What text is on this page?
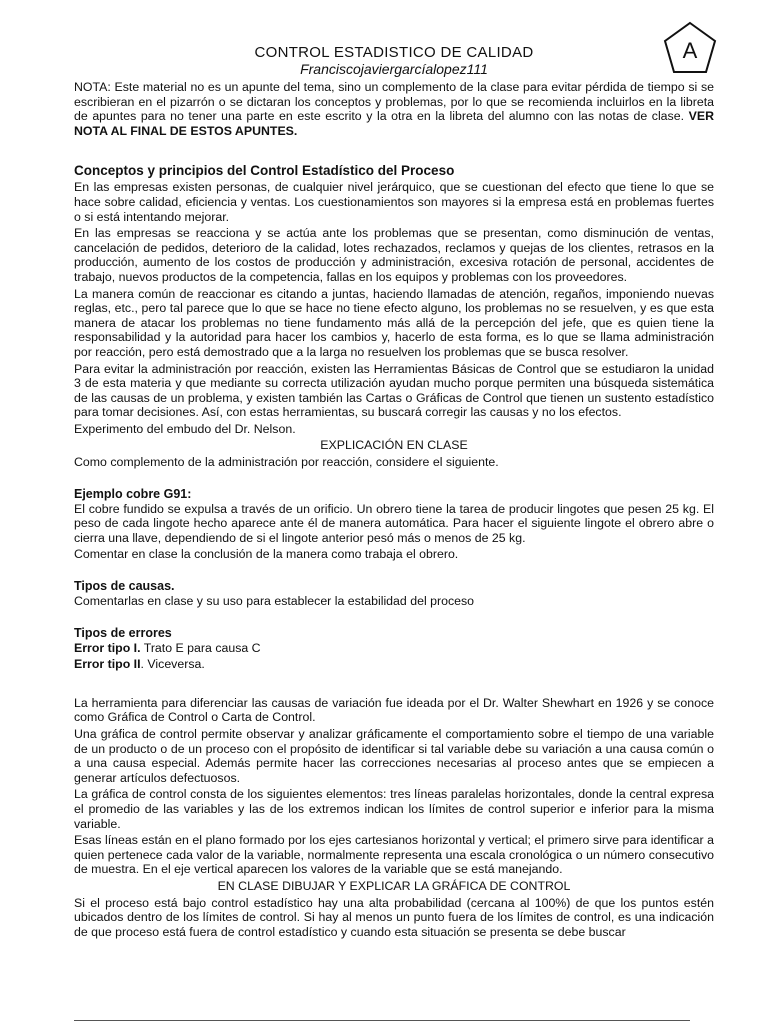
CONTROL ESTADISTICO DE CALIDAD
Franciscojavierga​rcíalopez111
A

NOTA: Este material no es un apunte del tema, sino un complemento de la clase para evitar pérdida de tiempo si se escribieran en el pizarrón o se dictaran los conceptos y problemas, por lo que se recomienda incluirlos en la libreta de apuntes para no tener una parte en este escrito y la otra en la libreta del alumno con las notas de clase. VER NOTA AL FINAL DE ESTOS APUNTES.

Conceptos y principios del Control Estadístico del Proceso

En las empresas existen personas, de cualquier nivel jerárquico, que se cuestionan del efecto que tiene lo que se hace sobre calidad, eficiencia y ventas. Los cuestionamientos son mayores si la empresa está en problemas fuertes o si está intentando mejorar.

En las empresas se reacciona y se actúa ante los problemas que se presentan, como disminución de ventas, cancelación de pedidos, deterioro de la calidad, lotes rechazados, reclamos y quejas de los clientes, retrasos en la producción, aumento de los costos de producción y administración, excesiva rotación de personal, accidentes de trabajo, nuevos productos de la competencia, fallas en los equipos y problemas con los proveedores.

La manera común de reaccionar es citando a juntas, haciendo llamadas de atención, regaños, imponiendo nuevas reglas, etc., pero tal parece que lo que se hace no tiene efecto alguno, los problemas no se resuelven, y es que esta manera de atacar los problemas no tiene fundamento más allá de la percepción del jefe, que es quien tiene la responsabilidad y la autoridad para hacer los cambios y, hacerlo de esta forma, es lo que se llama administración por reacción, pero está demostrado que a la larga no resuelven los problemas que se busca resolver.

Para evitar la administración por reacción, existen las Herramientas Básicas de Control que se estudiaron la unidad 3 de esta materia y que mediante su correcta utilización ayudan mucho porque permiten una búsqueda sistemática de las causas de un problema, y existen también las Cartas o Gráficas de Control que tienen un sustento estadístico para tomar decisiones. Así, con estas herramientas, su buscará corregir las causas y no los efectos.

Experimento del embudo del Dr. Nelson.

EXPLICACIÓN EN CLASE

Como complemento de la administración por reacción, considere el siguiente.

Ejemplo cobre G91:

El cobre fundido se expulsa a través de un orificio. Un obrero tiene la tarea de producir lingotes que pesen 25 kg. El peso de cada lingote hecho aparece ante él de manera automática. Para hacer el siguiente lingote el obrero abre o cierra una llave, dependiendo de si el lingote anterior pesó más o menos de 25 kg.

Comentar en clase la conclusión de la manera como trabaja el obrero.

Tipos de causas.

Comentarlas en clase y su uso para establecer la estabilidad del proceso

Tipos de errores

Error tipo I. Trato E para causa C

Error tipo II. Viceversa.

La herramienta para diferenciar las causas de variación fue ideada por el Dr. Walter Shewhart en 1926 y se conoce como Gráfica de Control o Carta de Control.

Una gráfica de control permite observar y analizar gráficamente el comportamiento sobre el tiempo de una variable de un producto o de un proceso con el propósito de identificar si tal variable debe su variación a una causa común o a una causa especial. Además permite hacer las correcciones necesarias al proceso antes que se empiecen a generar artículos defectuosos.

La gráfica de control consta de los siguientes elementos: tres líneas paralelas horizontales, donde la central expresa el promedio de las variables y las de los extremos indican los límites de control superior e inferior para la misma variable.

Esas líneas están en el plano formado por los ejes cartesianos horizontal y vertical; el primero sirve para identificar a quien pertenece cada valor de la variable, normalmente representa una escala cronológica o un número consecutivo de muestra. En el eje vertical aparecen los valores de la variable que se está manejando.

EN CLASE DIBUJAR Y EXPLICAR LA GRÁFICA DE CONTROL

Si el proceso está bajo control estadístico hay una alta probabilidad (cercana al 100%) de que los puntos estén ubicados dentro de los límites de control. Si hay al menos un punto fuera de los límites de control, es una indicación de que proceso está fuera de control estadístico y cuando esta situación se presenta se debe buscar
